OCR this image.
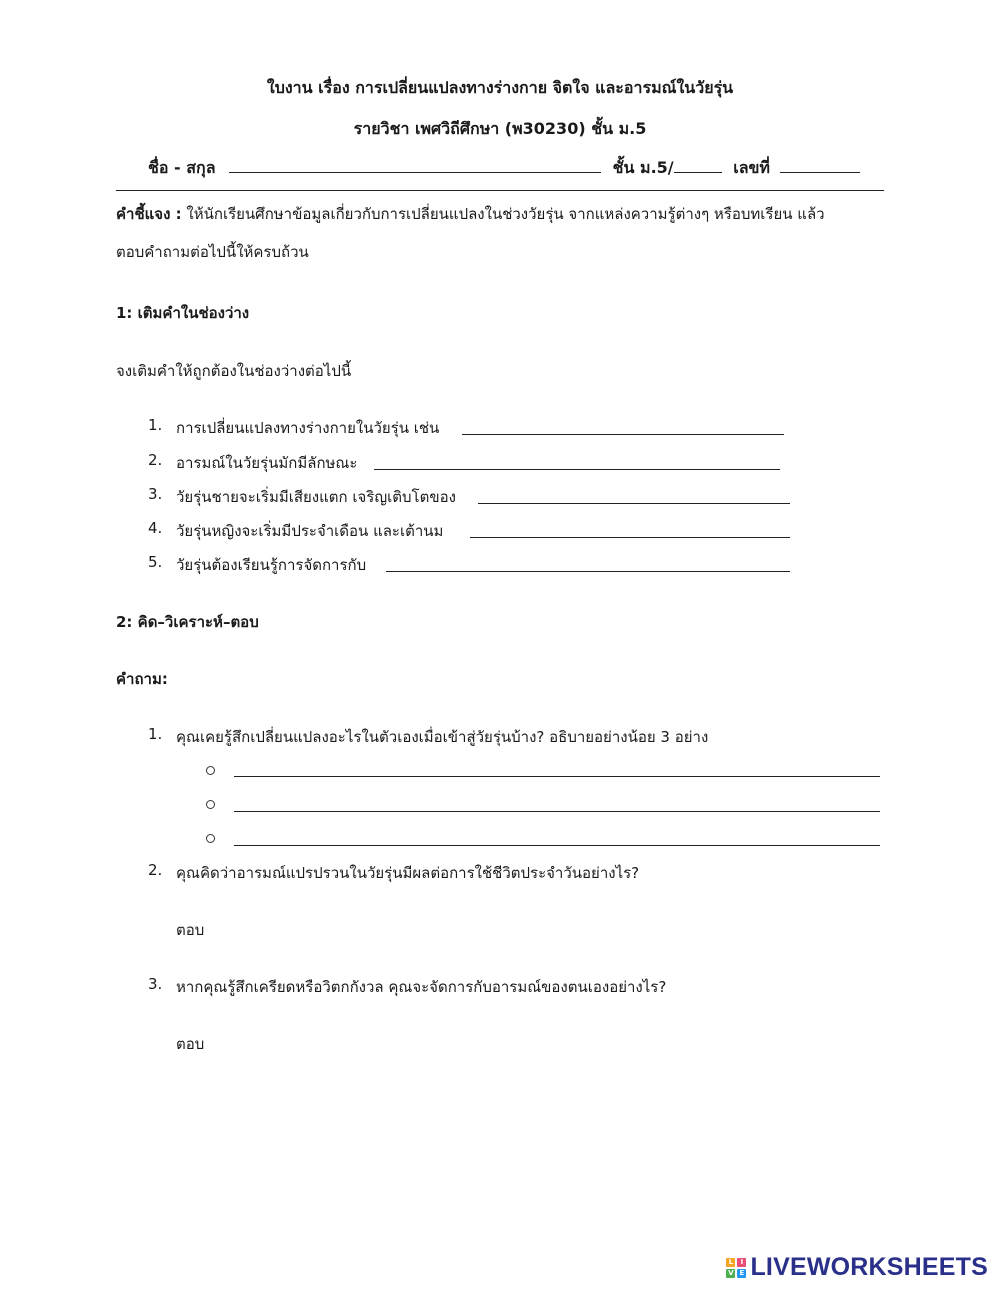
ใบงาน เรื่อง การเปลี่ยนแปลงทางร่างกาย จิตใจ และอารมณ์ในวัยรุ่น
รายวิชา เพศวิถีศึกษา (พ30230) ชั้น ม.5
ชื่อ - สกุล	ชั้น ม.5/	เลขที่
คำชี้แจง : ให้นักเรียนศึกษาข้อมูลเกี่ยวกับการเปลี่ยนแปลงในช่วงวัยรุ่น จากแหล่งความรู้ต่างๆ หรือบทเรียน แล้ว
ตอบคำถามต่อไปนี้ให้ครบถ้วน
1: เติมคำในช่องว่าง
จงเติมคำให้ถูกต้องในช่องว่างต่อไปนี้
1. การเปลี่ยนแปลงทางร่างกายในวัยรุ่น เช่น
2. อารมณ์ในวัยรุ่นมักมีลักษณะ
3. วัยรุ่นชายจะเริ่มมีเสียงแตก เจริญเติบโตของ
4. วัยรุ่นหญิงจะเริ่มมีประจำเดือน และเต้านม
5. วัยรุ่นต้องเรียนรู้การจัดการกับ
2: คิด–วิเคราะห์–ตอบ
คำถาม:
1. คุณเคยรู้สึกเปลี่ยนแปลงอะไรในตัวเองเมื่อเข้าสู่วัยรุ่นบ้าง? อธิบายอย่างน้อย 3 อย่าง
2. คุณคิดว่าอารมณ์แปรปรวนในวัยรุ่นมีผลต่อการใช้ชีวิตประจำวันอย่างไร?
ตอบ
3. หากคุณรู้สึกเครียดหรือวิตกกังวล คุณจะจัดการกับอารมณ์ของตนเองอย่างไร?
ตอบ
L	I
V E LIVEWORKSHEETS
